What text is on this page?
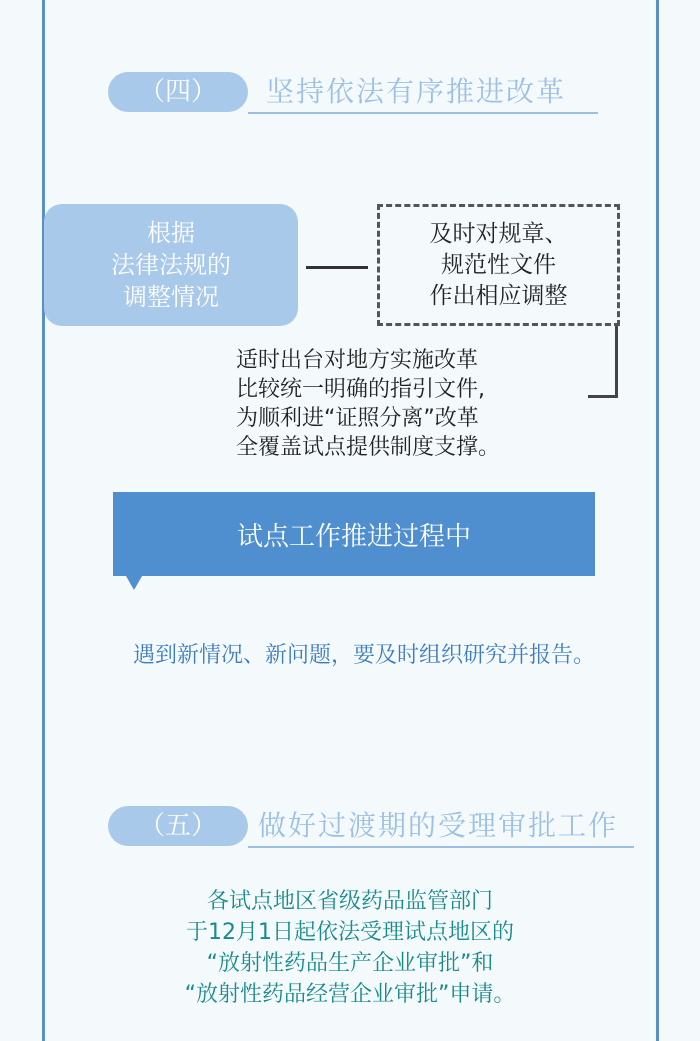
（四）	坚持依法有序推进改革
根据
法律法规的
调整情况
及时对规章、
规范性文件
作出相应调整
适时出台对地方实施改革
比较统一明确的指引文件,
为顺利进“证照分离”改革
全覆盖试点提供制度支撑。
试点工作推进过程中
遇到新情况、新问题，要及时组织研究并报告。
（五）	做好过渡期的受理审批工作
各试点地区省级药品监管部门
于12月1日起依法受理试点地区的
“放射性药品生产企业审批”和
“放射性药品经营企业审批”申请。
